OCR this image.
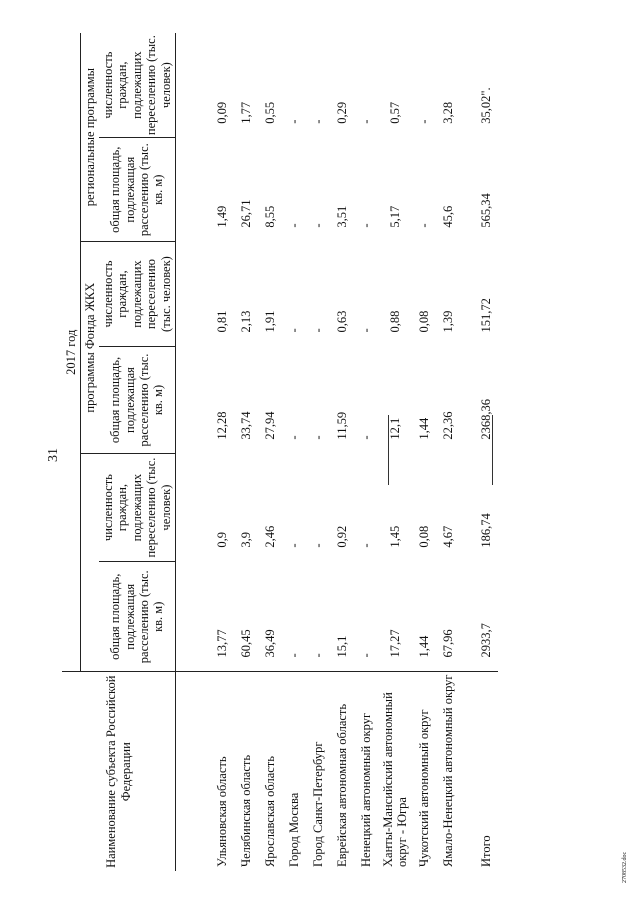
31
Наименование субъекта Российской Федерации	2017 год					
			программы Фонда ЖКХ		региональные программы	
	общая площадь, подлежащая расселению (тыс. кв. м)	численность граждан, подлежащих переселению (тыс. человек)	общая площадь, подлежащая расселению (тыс. кв. м)	численность граждан, подлежащих переселению (тыс. человек)	общая площадь, подлежащая расселению (тыс. кв. м)	численность граждан, подлежащих переселению (тыс. человек)

Ульяновская область	13,77	0,9	12,28	0,81	1,49	0,09
Челябинская область	60,45	3,9	33,74	2,13	26,71	1,77
Ярославская область	36,49	2,46	27,94	1,91	8,55	0,55
Город Москва	-	-	-	-	-	-
Город Санкт-Петербург	-	-	-	-	-	-
Еврейская автономная область	15,1	0,92	11,59	0,63	3,51	0,29
Ненецкий автономный округ	-	-	-	-	-	-
Ханты-Мансийский автономный округ - Югра	17,27	1,45	12,1	0,88	5,17	0,57
Чукотский автономный округ	1,44	0,08	1,44	0,08	-	-
Ямало-Ненецкий автономный округ	67,96	4,67	22,36	1,39	45,6	3,28
Итого	2933,7	186,74	2368,36	151,72	565,34	35,02".
2708532.doc
